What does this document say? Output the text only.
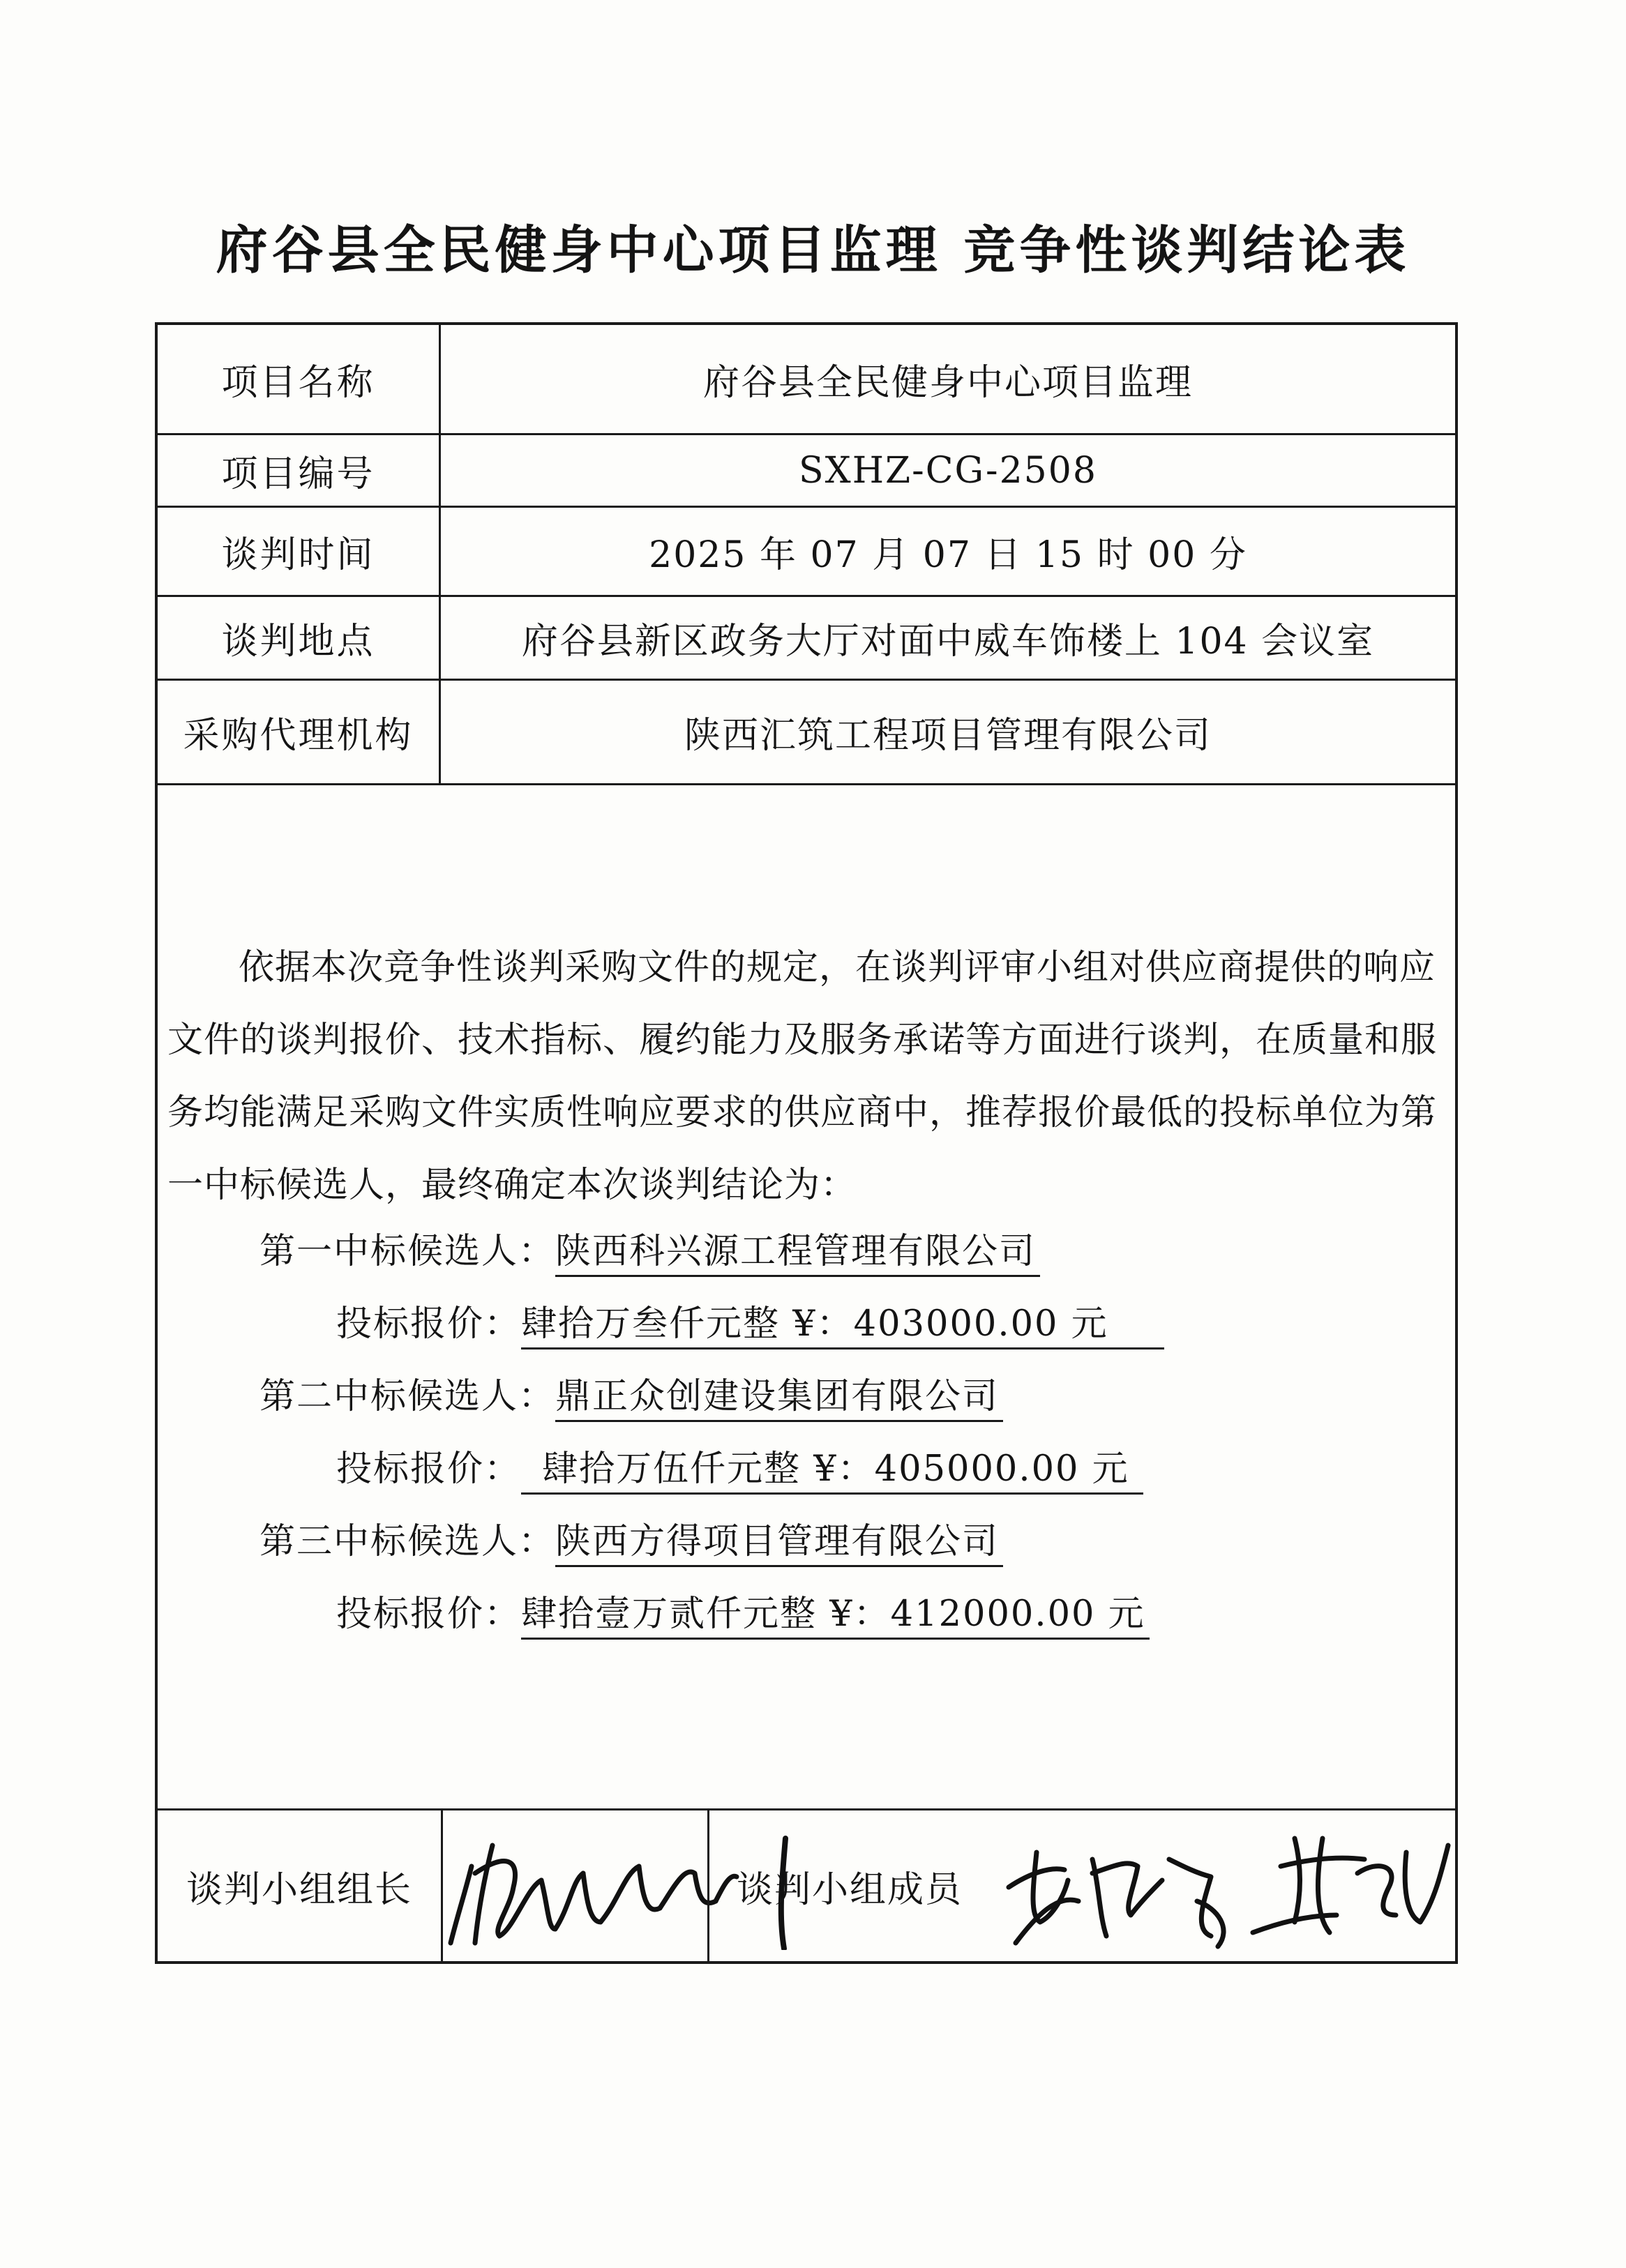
府谷县全民健身中心项目监理 竞争性谈判结论表
项目名称	府谷县全民健身中心项目监理
项目编号	SXHZ-CG-2508
谈判时间	2025 年 07 月 07 日 15 时 00 分
谈判地点	府谷县新区政务大厅对面中威车饰楼上 104 会议室
采购代理机构	陕西汇筑工程项目管理有限公司
依据本次竞争性谈判采购文件的规定，在谈判评审小组对供应商提供的响应文件的谈判报价、技术指标、履约能力及服务承诺等方面进行谈判，在质量和服务均能满足采购文件实质性响应要求的供应商中，推荐报价最低的投标单位为第一中标候选人，最终确定本次谈判结论为：
第一中标候选人：陕西科兴源工程管理有限公司
投标报价：肆拾万叁仟元整 ¥：403000.00 元
第二中标候选人：鼎正众创建设集团有限公司
投标报价： 肆拾万伍仟元整 ¥：405000.00 元
第三中标候选人：陕西方得项目管理有限公司
投标报价：肆拾壹万贰仟元整 ¥：412000.00 元
谈判小组组长	谈判小组成员
